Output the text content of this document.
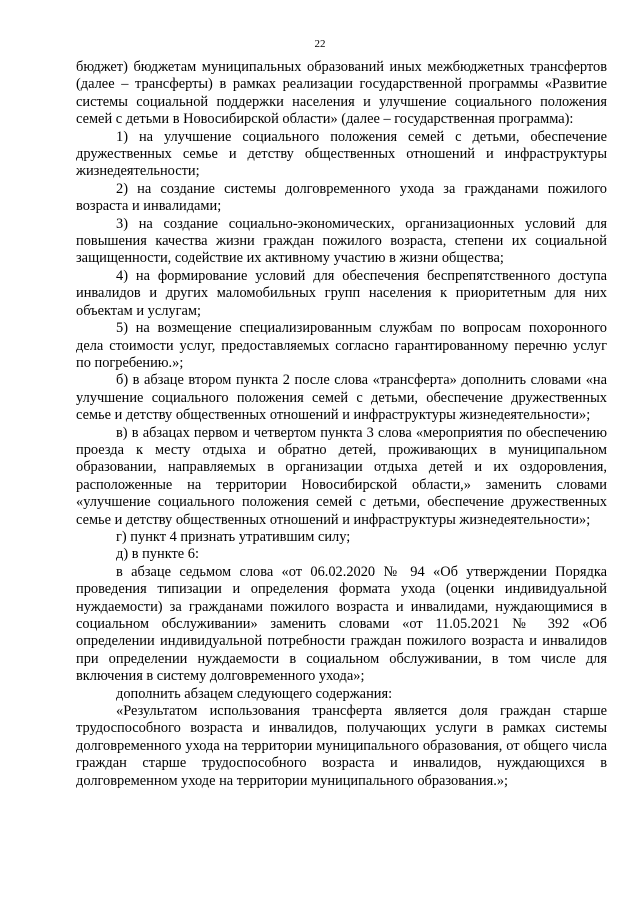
22

бюджет) бюджетам муниципальных образований иных межбюджетных трансфертов (далее – трансферты) в рамках реализации государственной программы «Развитие системы социальной поддержки населения и улучшение социального положения семей с детьми в Новосибирской области» (далее – государственная программа):

1) на улучшение социального положения семей с детьми, обеспечение дружественных семье и детству общественных отношений и инфраструктуры жизнедеятельности;

2) на создание системы долговременного ухода за гражданами пожилого возраста и инвалидами;

3) на создание социально-экономических, организационных условий для повышения качества жизни граждан пожилого возраста, степени их социальной защищенности, содействие их активному участию в жизни общества;

4) на формирование условий для обеспечения беспрепятственного доступа инвалидов и других маломобильных групп населения к приоритетным для них объектам и услугам;

5) на возмещение специализированным службам по вопросам похоронного дела стоимости услуг, предоставляемых согласно гарантированному перечню услуг по погребению.»;

б) в абзаце втором пункта 2 после слова «трансферта» дополнить словами «на улучшение социального положения семей с детьми, обеспечение дружественных семье и детству общественных отношений и инфраструктуры жизнедеятельности»;

в) в абзацах первом и четвертом пункта 3 слова «мероприятия по обеспечению проезда к месту отдыха и обратно детей, проживающих в муниципальном образовании, направляемых в организации отдыха детей и их оздоровления, расположенные на территории Новосибирской области,» заменить словами «улучшение социального положения семей с детьми, обеспечение дружественных семье и детству общественных отношений и инфраструктуры жизнедеятельности»;

г) пункт 4 признать утратившим силу;

д) в пункте 6:

в абзаце седьмом слова «от 06.02.2020 № 94 «Об утверждении Порядка проведения типизации и определения формата ухода (оценки индивидуальной нуждаемости) за гражданами пожилого возраста и инвалидами, нуждающимися в социальном обслуживании» заменить словами «от 11.05.2021 № 392 «Об определении индивидуальной потребности граждан пожилого возраста и инвалидов при определении нуждаемости в социальном обслуживании, в том числе для включения в систему долговременного ухода»;

дополнить абзацем следующего содержания:

«Результатом использования трансферта является доля граждан старше трудоспособного возраста и инвалидов, получающих услуги в рамках системы долговременного ухода на территории муниципального образования, от общего числа граждан старше трудоспособного возраста и инвалидов, нуждающихся в долговременном уходе на территории муниципального образования.»;
